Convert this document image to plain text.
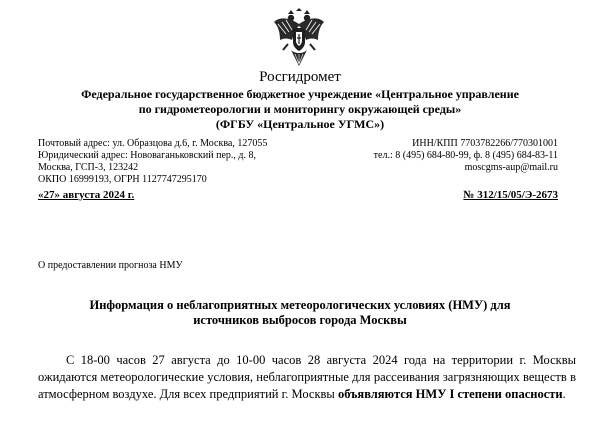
Росгидромет
Федеральное государственное бюджетное учреждение «Центральное управление
по гидрометеорологии и мониторингу окружающей среды»
(ФГБУ «Центральное УГМС»)
Почтовый адрес: ул. Образцова д.6, г. Москва, 127055
Юридический адрес: Нововаганьковский пер., д. 8,
Москва, ГСП-3, 123242
ОКПО 16999193, ОГРН 1127747295170
ИНН/КПП 7703782266/770301001
тел.: 8 (495) 684-80-99, ф. 8 (495) 684-83-11
moscgms-aup@mail.ru
«27» августа 2024 г.	№ 312/15/05/Э-2673
О предоставлении прогноза НМУ
Информация о неблагоприятных метеорологических условиях (НМУ) для
источников выбросов города Москвы

С 18-00 часов 27 августа до 10-00 часов 28 августа 2024 года на территории г. Москвы ожидаются метеорологические условия, неблагоприятные для рассеивания загрязняющих веществ в атмосферном воздухе. Для всех предприятий г. Москвы объявляются НМУ I степени опасности.
